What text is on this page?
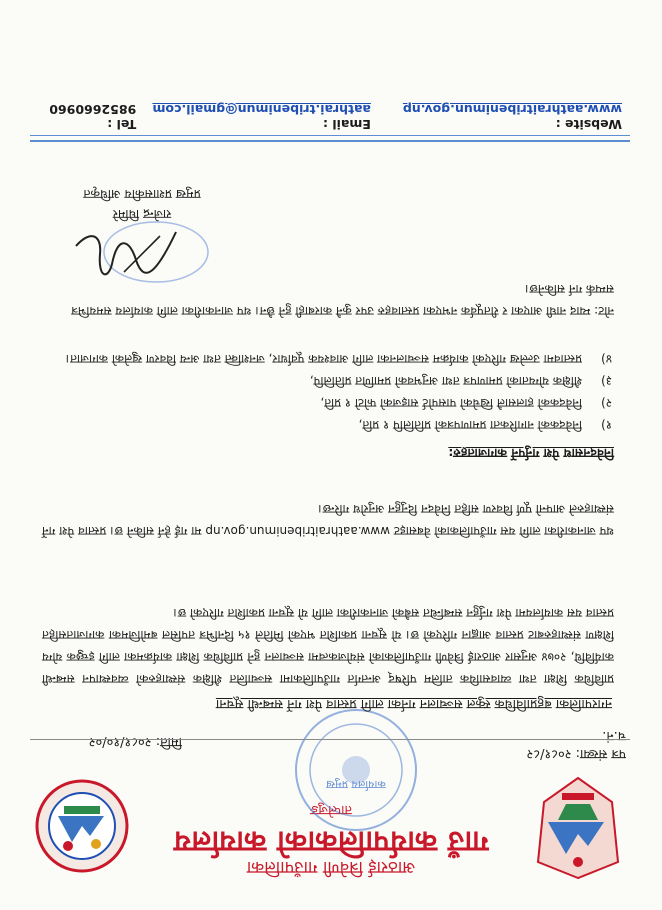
आठराई त्रिवेणी गाउँपालिका
गाउँ कार्यपालिकाको कार्यालय
ताप्लेजुङ
कार्यालय प्रमुख
पत्र संख्या: २०८१/८२
च.नं.
मिति: २०८१/१०/०२
नगरपालिका बहुप्राविधिक स्कुल सञ्चालन गर्नका लागि प्रस्ताव पेश गर्ने सम्बन्धी सूचना
प्राविधिक शिक्षा तथा व्यावसायिक तालिम परिषद् अन्तर्गत गाउँपालिकामा सञ्चालित शैक्षिक संस्थाहरुको व्यवस्थापन सम्बन्धी कार्यविधि, २०७४ अनुसार आठराई त्रिवेणी गाउँपालिकाको संयोजकत्वमा सञ्चालन हुने प्राविधिक शिक्षा कार्यक्रमका लागि इच्छुक योग्य शिक्षण संस्थाहरुबाट प्रस्ताव आह्वान गरिएको छ। यो सूचना प्रकाशित भएको मितिले १५ दिनभित्र तपसिल बमोजिमका कागजातसहित प्रस्ताव यस कार्यालयमा पेश गर्नुहुन सम्बन्धित सबैको जानकारीका लागि यो सूचना प्रकाशित गरिएको छ।
थप जानकारीका लागि यस गाउँपालिकाको वेबसाइट www.aathraitribenimun.gov.np मा गई हेर्न सकिने छ। प्रस्ताव पेश गर्ने संस्थाहरुले आफ्नो पूर्ण विवरण सहित निवेदन दिनुहुन अनुरोध गरिन्छ।
निवेदनसाथ पेश गर्नुपर्ने कागजातहरु:
१)
निवेदकको नागरिकता प्रमाणपत्रको प्रतिलिपि १ प्रति,
२)
निवेदकको हालसालै खिचेको पासपोर्ट साइजको फोटो १ प्रति,
३)
शैक्षिक योग्यताको प्रमाणपत्र तथा अनुभवको प्रमाणित प्रतिलिपि,
४)
प्रस्तावमा उल्लेख गरिएको कार्यक्रम सञ्चालनका लागि आवश्यक पूर्वाधार, जनशक्ति तथा अन्य विवरण खुलेको कागजात।
नोट: म्याद नाघी आएका र रीतपूर्वक नभएका प्रस्तावहरु उपर कुनै कारबाही हुने छैन। थप जानकारीका लागि कार्यालय समयभित्र सम्पर्क गर्न सकिनेछ।
राजेन्द्र घिमिरे
प्रमुख प्रशासकीय अधिकृत
Website : www.aathraitribenimun.gov.np
Email : aathrai.tribenimun@gmail.com
Tel : 9852660960
